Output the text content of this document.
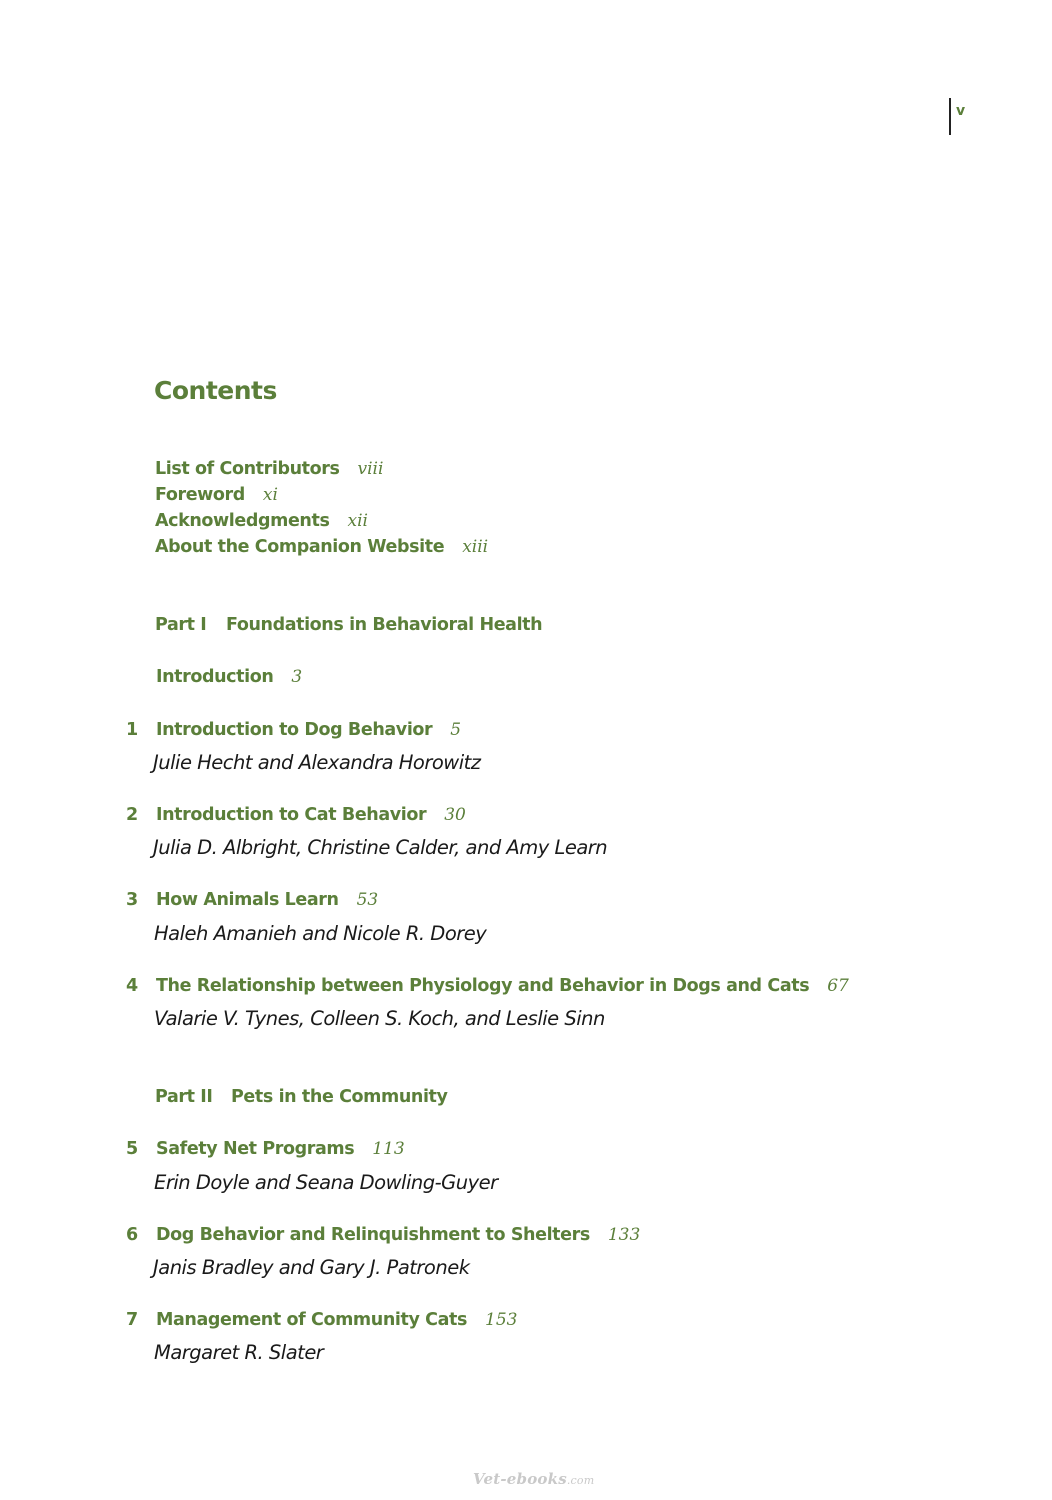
v
Contents
List of Contributors viii
Foreword xi
Acknowledgments xii
About the Companion Website xiii
Part I Foundations in Behavioral Health
Introduction 3
1 Introduction to Dog Behavior 5
Julie Hecht and Alexandra Horowitz
2 Introduction to Cat Behavior 30
Julia D. Albright, Christine Calder, and Amy Learn
3 How Animals Learn 53
Haleh Amanieh and Nicole R. Dorey
4 The Relationship between Physiology and Behavior in Dogs and Cats 67
Valarie V. Tynes, Colleen S. Koch, and Leslie Sinn
Part II Pets in the Community
5 Safety Net Programs 113
Erin Doyle and Seana Dowling-Guyer
6 Dog Behavior and Relinquishment to Shelters 133
Janis Bradley and Gary J. Patronek
7 Management of Community Cats 153
Margaret R. Slater
Vet-ebooks.com
